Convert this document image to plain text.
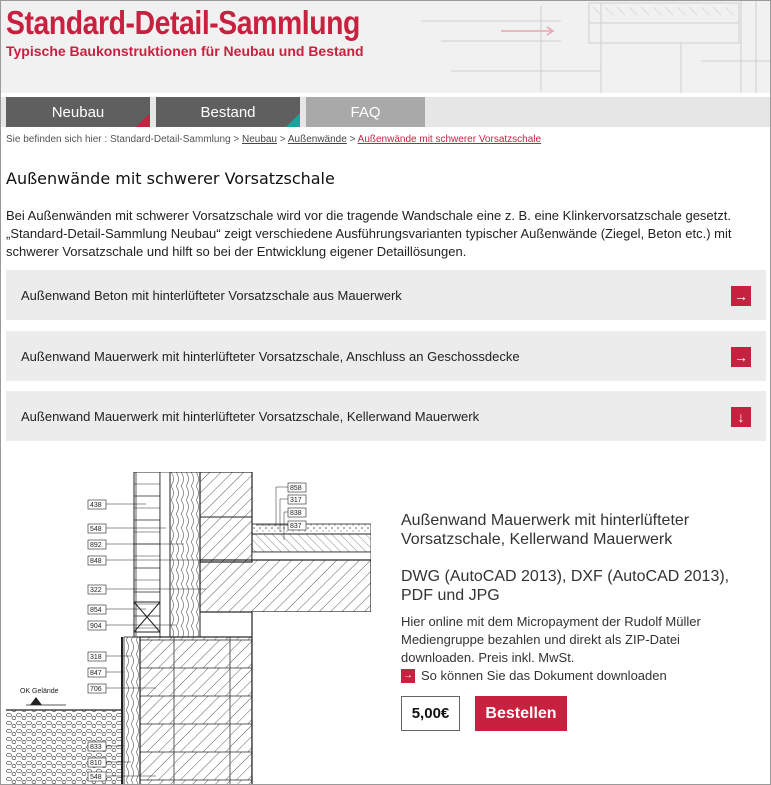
Standard-Detail-Sammlung
Typische Baukonstruktionen für Neubau und Bestand
Neubau	Bestand	FAQ
Sie befinden sich hier : Standard-Detail-Sammlung > Neubau > Außenwände > Außenwände mit schwerer Vorsatzschale
Außenwände mit schwerer Vorsatzschale

Bei Außenwänden mit schwerer Vorsatzschale wird vor die tragende Wandschale eine z. B. eine Klinkervorsatzschale gesetzt. „Standard-Detail-Sammlung Neubau“ zeigt verschiedene Ausführungsvarianten typischer Außenwände (Ziegel, Beton etc.) mit schwerer Vorsatzschale und hilft so bei der Entwicklung eigener Detaillösungen.

Außenwand Beton mit hinterlüfteter Vorsatzschale aus Mauerwerk	→
Außenwand Mauerwerk mit hinterlüfteter Vorsatzschale, Anschluss an Geschossdecke	→
Außenwand Mauerwerk mit hinterlüfteter Vorsatzschale, Kellerwand Mauerwerk	↓
OK Gelände
438
548
892
848
322
854
904
318
847
706
833
810
548
858
317
838
837	Außenwand Mauerwerk mit hinterlüfteter Vorsatzschale, Kellerwand Mauerwerk
DWG (AutoCAD 2013), DXF (AutoCAD 2013), PDF und JPG
Hier online mit dem Micropayment der Rudolf Müller Mediengruppe bezahlen und direkt als ZIP-Datei downloaden. Preis inkl. MwSt.
→ So können Sie das Dokument downloaden
5,00€	Bestellen
